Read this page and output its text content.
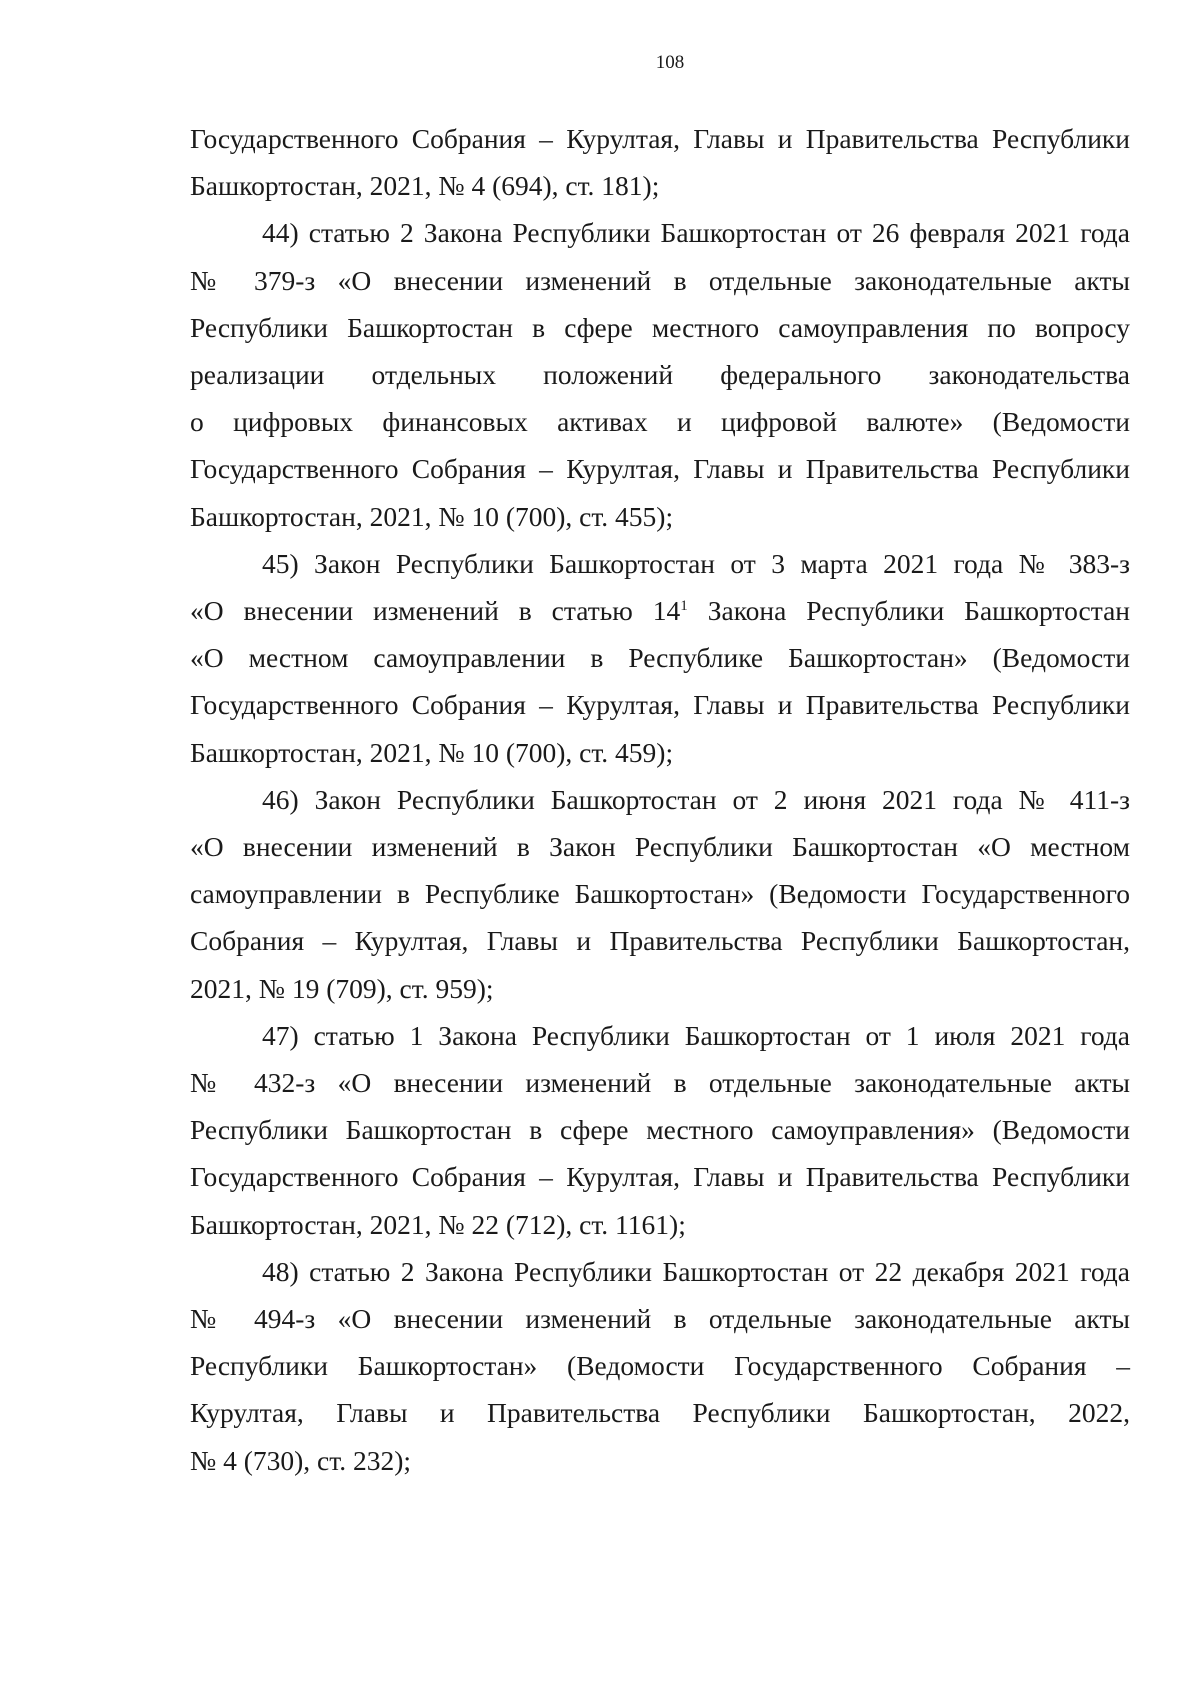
108

Государственного Собрания – Курултая, Главы и Правительства Республики
Башкортостан, 2021, № 4 (694), ст. 181);

44) статью 2 Закона Республики Башкортостан от 26 февраля 2021 года
№ 379-з «О внесении изменений в отдельные законодательные акты
Республики Башкортостан в сфере местного самоуправления по вопросу
реализации отдельных положений федерального законодательства
о цифровых финансовых активах и цифровой валюте» (Ведомости
Государственного Собрания – Курултая, Главы и Правительства Республики
Башкортостан, 2021, № 10 (700), ст. 455);

45) Закон Республики Башкортостан от 3 марта 2021 года № 383-з
«О внесении изменений в статью $14^1$ Закона Республики Башкортостан
«О местном самоуправлении в Республике Башкортостан» (Ведомости
Государственного Собрания – Курултая, Главы и Правительства Республики
Башкортостан, 2021, № 10 (700), ст. 459);

46) Закон Республики Башкортостан от 2 июня 2021 года № 411-з
«О внесении изменений в Закон Республики Башкортостан «О местном
самоуправлении в Республике Башкортостан» (Ведомости Государственного
Собрания – Курултая, Главы и Правительства Республики Башкортостан,
2021, № 19 (709), ст. 959);

47) статью 1 Закона Республики Башкортостан от 1 июля 2021 года
№ 432-з «О внесении изменений в отдельные законодательные акты
Республики Башкортостан в сфере местного самоуправления» (Ведомости
Государственного Собрания – Курултая, Главы и Правительства Республики
Башкортостан, 2021, № 22 (712), ст. 1161);

48) статью 2 Закона Республики Башкортостан от 22 декабря 2021 года
№ 494-з «О внесении изменений в отдельные законодательные акты
Республики Башкортостан» (Ведомости Государственного Собрания –
Курултая, Главы и Правительства Республики Башкортостан, 2022,
№ 4 (730), ст. 232);
